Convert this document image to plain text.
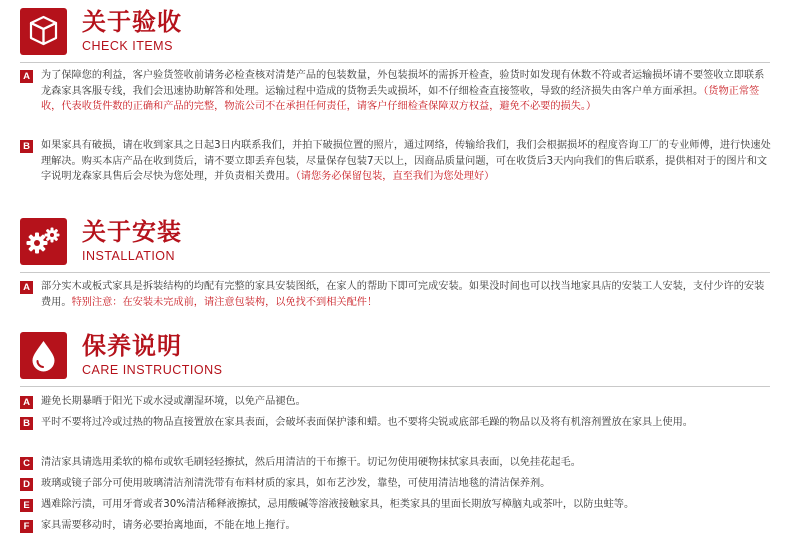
关于验收
CHECK ITEMS
A	为了保障您的利益，客户验货签收前请务必检查核对清楚产品的包装数量，外包装损坏的需拆开检查，验货时如发现有休数不符或者运输损坏请不要签收立即联系龙森家具客服专线，我们会迅速协助解答和处理。运输过程中造成的货物丢失或损坏，如不仔细检查直接签收，导致的经济损失由客户单方面承担。（货物正常签收，代表收货件数的正确和产品的完整，物流公司不在承担任何责任，请客户仔细检查保障双方权益，避免不必要的损失。）
B	如果家具有破损，请在收到家具之日起3日内联系我们，并拍下破损位置的照片，通过网络，传输给我们，我们会根据损坏的程度咨询工厂的专业师傅，进行快速处理解决。购买本店产品在收到货后，请不要立即丢弃包装，尽量保存包装7天以上，因商品质量问题，可在收货后3天内向我们的售后联系，提供相对于的图片和文字说明龙森家具售后会尽快为您处理，并负责相关费用。（请您务必保留包装，直至我们为您处理好）
关于安装
INSTALLATION
A	部分实木或板式家具是拆装结构的均配有完整的家具安装图纸，在家人的帮助下即可完成安装。如果没时间也可以找当地家具店的安装工人安装，支付少许的安装费用。特别注意：在安装未完成前，请注意包装构，以免找不到相关配件！
保养说明
CARE INSTRUCTIONS
A	避免长期暴晒于阳光下或水浸或潮湿环境，以免产品褪色。
B	平时不要将过冷或过热的物品直接置放在家具表面，会破坏表面保护漆和蜡。也不要将尖锐或底部毛躁的物品以及将有机溶剂置放在家具上使用。
C	清洁家具请选用柔软的棉布或软毛刷轻轻擦拭，然后用清洁的干布擦干。切记勿使用硬物抹拭家具表面，以免挂花起毛。
D	玻璃或镜子部分可使用玻璃清洁剂清洗带有布料材质的家具，如布艺沙发，靠垫，可使用清洁地毯的清洁保养剂。
E	遇难除污渍，可用牙膏或者30%清洁稀释液擦拭，忌用酸碱等溶液接触家具，柜类家具的里面长期放写樟脑丸或茶叶，以防虫蛀等。
F	家具需要移动时，请务必要抬离地面，不能在地上拖行。
